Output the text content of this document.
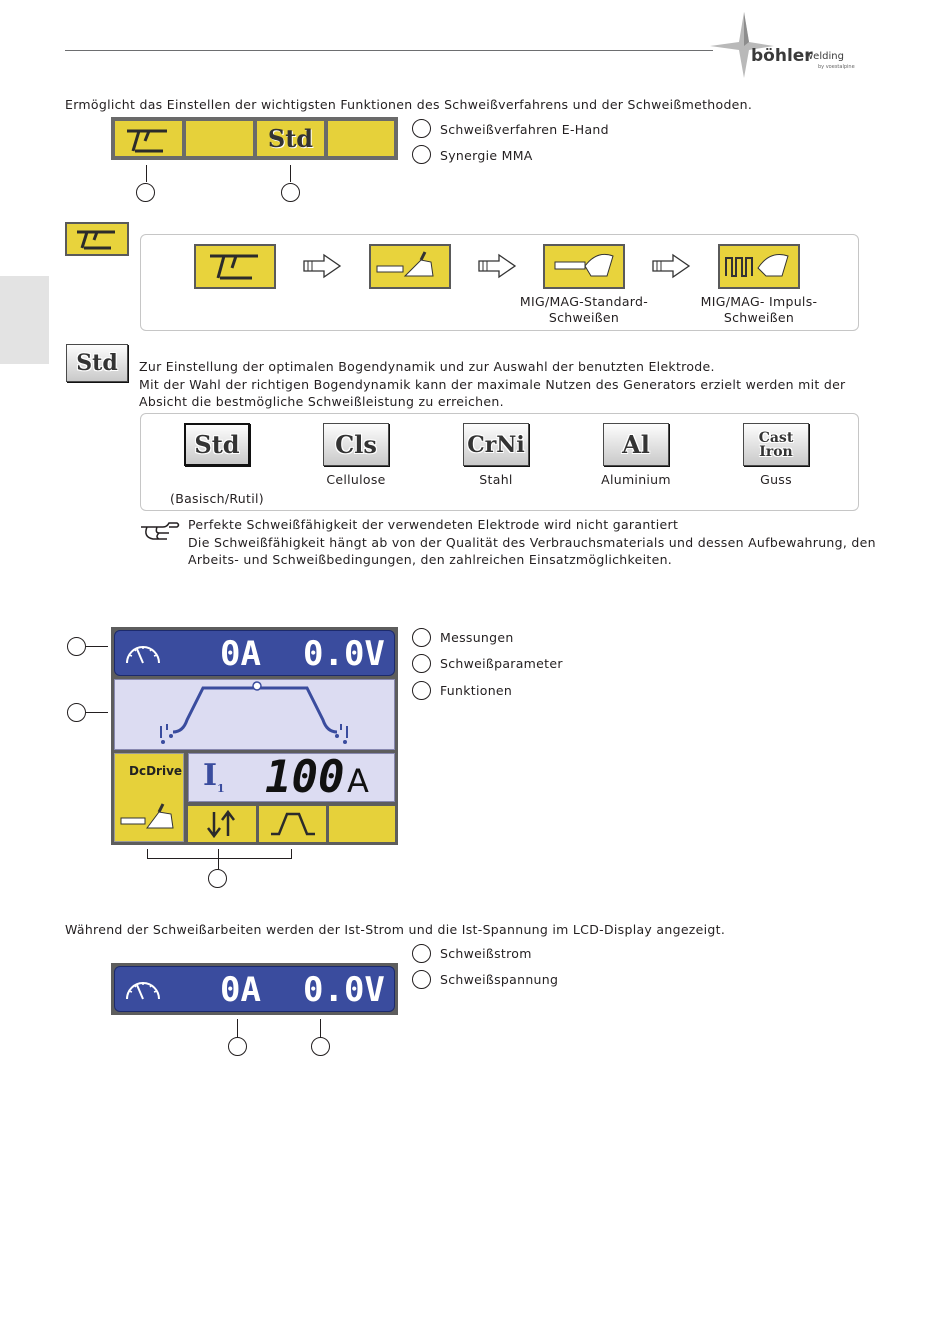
böhler
welding
by voestalpine
Ermöglicht das Einstellen der wichtigsten Funktionen des Schweißverfahrens und der Schweißmethoden.
Std	Schweißverfahren E-Hand
Synergie MMA
MIG/MAG-Standard-
Schweißen
MIG/MAG- Impuls-
Schweißen
Std Zur Einstellung der optimalen Bogendynamik und zur Auswahl der benutzten Elektrode.
Mit der Wahl der richtigen Bogendynamik kann der maximale Nutzen des Generators erzielt werden mit der
Absicht die bestmögliche Schweißleistung zu erreichen.
Std	Cls	CrNi	Al	Cast Iron
(Basisch/Rutil)
Cellulose	Stahl	Aluminium	Guss
Perfekte Schweißfähigkeit der verwendeten Elektrode wird nicht garantiert
Die Schweißfähigkeit hängt ab von der Qualität des Verbrauchsmaterials und dessen Aufbewahrung, den
Arbeits- und Schweißbedingungen, den zahlreichen Einsatzmöglichkeiten.
0A 0.0V
DcDrive $I_1$ 100 A
Messungen
Schweißparameter
Funktionen
Während der Schweißarbeiten werden der Ist-Strom und die Ist-Spannung im LCD-Display angezeigt.
0A 0.0V
Schweißstrom
Schweißspannung
